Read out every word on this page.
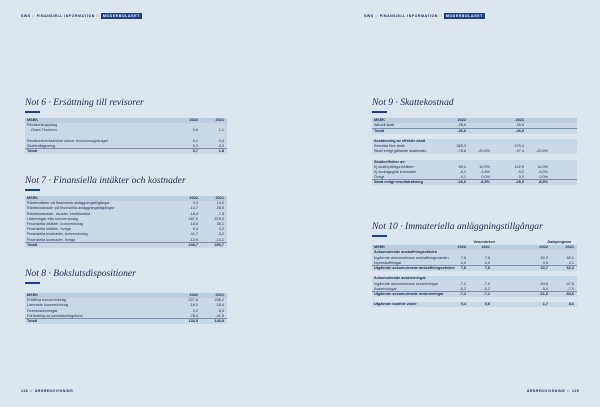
SWS // FINANSIELL INFORMATION // MODERBOLAGET	SWS // FINANSIELL INFORMATION // MODERBOLAGET
Not 6 · Ersättning till revisorer
MSEK	2022	2021
Revisionsuppdrag
Grant Thornton	0,6	1,1
Revisionsverksamhet utöver revisionsuppdraget	0,1	0,3
Skatterådgivning	0,0	0,3
Totalt	0,7	1,8
Not 7 · Finansiella intäkter och kostnader
MSEK	2022	2021
Ränteintäkter på finansiella anläggningstillgångar	0,3	14,0
Räntekostnader på finansiella anläggningstillgångar	-14,7	-28,5
Räntekostnader, skulder, kreditinstitut	-18,4	-7,8
Utdelningar från koncernbolag	287,0	875,0
Finansiella intäkter, koncernbolag	18,8	36,1
Finansiella intäkter, övriga	0,4	0,2
Finansiella kostnader, koncernbolag	-11,7	-3,2
Finansiella kostnader, övriga	-12,9	-13,1
Totalt	248,7	490,7
Not 8 · Bokslutsdispositioner
MSEK	2022	2021
Erhållna koncernbidrag	227,6	206,2
Lämnade koncernbidrag	-16,0	-18,4
Överavskrivningar	0,2	-5,4
Förändring av periodiseringsfond	-78,4	-41,5
Totalt	133,5	140,9
Not 9 · Skattekostnad
MSEK	2022	2021
Aktuell skatt	-26,6	-26,9
Totalt	-26,6	-26,9
Avstämning av effektiv skatt
Resultat före skatt	382,3	479,4
Skatt enligt gällande skattesats	-78,8	-20,6%	-97,4	-20,6%
Skatteeffekter av:
Ej skattepliktiga intäkter	59,4	15,5%	102,9	16,3%
Ej avdragsgilla kostnader	-6,1	-1,6%	-0,2	-0,0%
Övrigt	-0,1	0,0%	0,0	0,0%
Skatt enligt resultaträkning	-26,6	-6,9%	-26,9	-8,5%
Not 10 · Immateriella anläggningstillgångar
Varumärken	Dataprogram
MSEK	2022	2021	2022	2021
Ackumulerade anskaffningsvärden
Ingående ackumulerade anskaffningsvärden	7,8	7,8	62,2	60,1
Nyanskaffningar	0,0	0,0	0,5	2,1
Utgående ackumulerade anskaffningsvärden 7,8	7,8	62,7	62,2
Ackumulerade avskrivningar
Ingående ackumulerade avskrivningar	-7,2	-7,0	-54,6	-47,6
Avskrivningar	-0,2	-0,2	-5,4	-7,0
Utgående ackumulerade avskrivningar	-7,4	-7,2	-61,0	-54,6
Utgående bokfört värde	0,4	0,6	1,7	8,6
118 // ÅRSREDOVISNING	ÅRSREDOVISNING // 119
